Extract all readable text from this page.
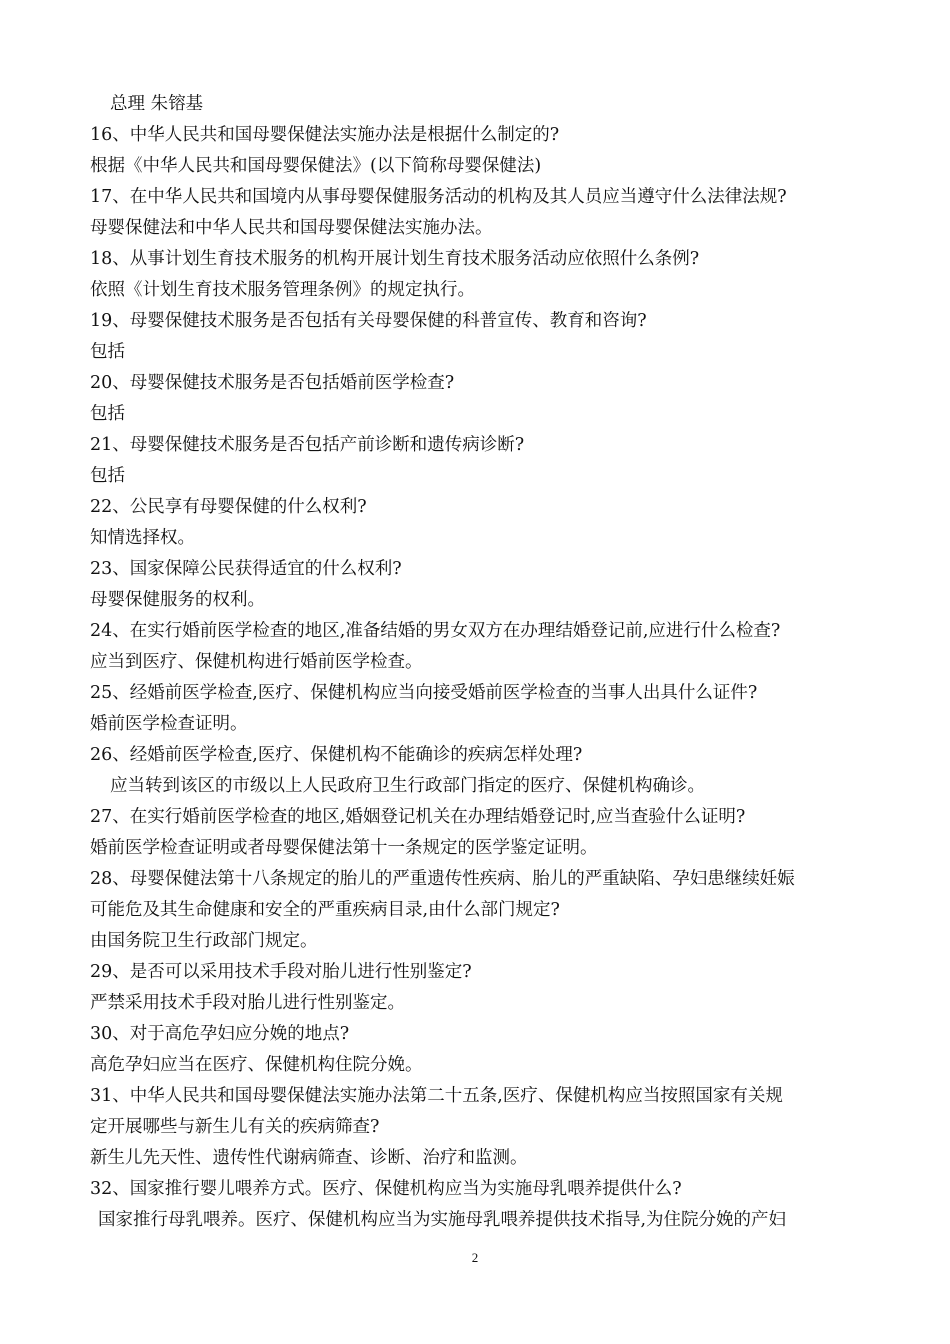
总理 朱镕基
16、中华人民共和国母婴保健法实施办法是根据什么制定的?
根据《中华人民共和国母婴保健法》(以下简称母婴保健法)
17、在中华人民共和国境内从事母婴保健服务活动的机构及其人员应当遵守什么法律法规?
母婴保健法和中华人民共和国母婴保健法实施办法。
18、从事计划生育技术服务的机构开展计划生育技术服务活动应依照什么条例?
依照《计划生育技术服务管理条例》的规定执行。
19、母婴保健技术服务是否包括有关母婴保健的科普宣传、教育和咨询?
包括
20、母婴保健技术服务是否包括婚前医学检查?
包括
21、母婴保健技术服务是否包括产前诊断和遗传病诊断?
包括
22、公民享有母婴保健的什么权利?
知情选择权。
23、国家保障公民获得适宜的什么权利?
母婴保健服务的权利。
24、在实行婚前医学检查的地区,准备结婚的男女双方在办理结婚登记前,应进行什么检查?
应当到医疗、保健机构进行婚前医学检查。
25、经婚前医学检查,医疗、保健机构应当向接受婚前医学检查的当事人出具什么证件?
婚前医学检查证明。
26、经婚前医学检查,医疗、保健机构不能确诊的疾病怎样处理?
应当转到该区的市级以上人民政府卫生行政部门指定的医疗、保健机构确诊。
27、在实行婚前医学检查的地区,婚姻登记机关在办理结婚登记时,应当查验什么证明?
婚前医学检查证明或者母婴保健法第十一条规定的医学鉴定证明。
28、母婴保健法第十八条规定的胎儿的严重遗传性疾病、胎儿的严重缺陷、孕妇患继续妊娠
可能危及其生命健康和安全的严重疾病目录,由什么部门规定?
由国务院卫生行政部门规定。
29、是否可以采用技术手段对胎儿进行性别鉴定?
严禁采用技术手段对胎儿进行性别鉴定。
30、对于高危孕妇应分娩的地点?
高危孕妇应当在医疗、保健机构住院分娩。
31、中华人民共和国母婴保健法实施办法第二十五条,医疗、保健机构应当按照国家有关规
定开展哪些与新生儿有关的疾病筛查?
新生儿先天性、遗传性代谢病筛查、诊断、治疗和监测。
32、国家推行婴儿喂养方式。医疗、保健机构应当为实施母乳喂养提供什么?
国家推行母乳喂养。医疗、保健机构应当为实施母乳喂养提供技术指导,为住院分娩的产妇
2
